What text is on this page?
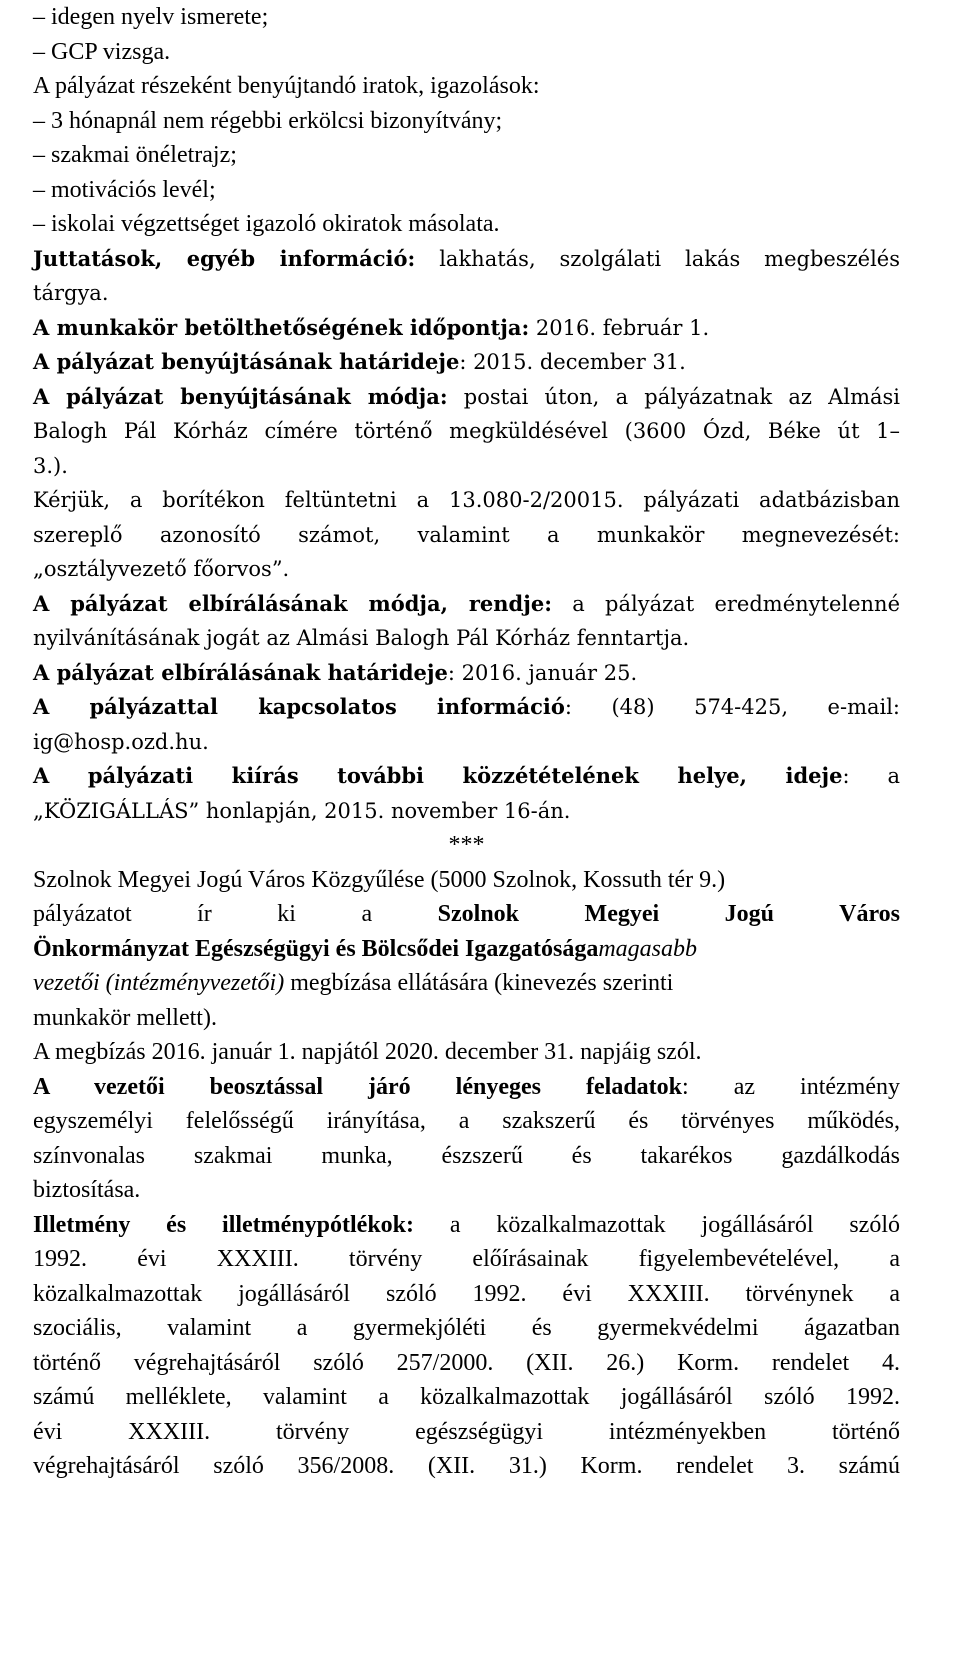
– idegen nyelv ismerete;
– GCP vizsga.
A pályázat részeként benyújtandó iratok, igazolások:
– 3 hónapnál nem régebbi erkölcsi bizonyítvány;
– szakmai önéletrajz;
– motivációs levél;
– iskolai végzettséget igazoló okiratok másolata.
Juttatások, egyéb információ: lakhatás, szolgálati lakás megbeszélés
tárgya.
A munkakör betölthetőségének időpontja: 2016. február 1.
A pályázat benyújtásának határideje: 2015. december 31.
A pályázat benyújtásának módja: postai úton, a pályázatnak az Almási
Balogh Pál Kórház címére történő megküldésével (3600 Ózd, Béke út 1–
3.).
Kérjük, a borítékon feltüntetni a 13.080-2/20015. pályázati adatbázisban
szereplő azonosító számot, valamint a munkakör megnevezését:
„osztályvezető főorvos”.
A pályázat elbírálásának módja, rendje: a pályázat eredménytelenné
nyilvánításának jogát az Almási Balogh Pál Kórház fenntartja.
A pályázat elbírálásának határideje: 2016. január 25.
A pályázattal kapcsolatos információ: (48) 574-425, e-mail:
ig@hosp.ozd.hu.
A pályázati kiírás további közzétételének helye, ideje: a
„KÖZIGÁLLÁS” honlapján, 2015. november 16-án.
***
Szolnok Megyei Jogú Város Közgyűlése (5000 Szolnok, Kossuth tér 9.)
pályázatot ír ki a	Szolnok Megyei Jogú Város
Önkormányzat Egészségügyi és Bölcsődei Igazgatóságamagasabb
vezetői (intézményvezetői) megbízása ellátására (kinevezés szerinti
munkakör mellett).
A megbízás 2016. január 1. napjától 2020. december 31. napjáig szól.
A vezetői beosztással járó lényeges feladatok: az intézmény
egyszemélyi felelősségű irányítása, a szakszerű és törvényes működés,
színvonalas szakmai munka, észszerű és takarékos gazdálkodás
biztosítása.
Illetmény és illetménypótlékok: a közalkalmazottak jogállásáról szóló
1992. évi XXXIII. törvény előírásainak figyelembevételével, a
közalkalmazottak jogállásáról szóló 1992. évi XXXIII. törvénynek a
szociális, valamint a gyermekjóléti és gyermekvédelmi ágazatban
történő végrehajtásáról szóló 257/2000. (XII. 26.) Korm. rendelet 4.
számú melléklete, valamint a közalkalmazottak jogállásáról szóló 1992.
évi XXXIII. törvény egészségügyi intézményekben történő
végrehajtásáról szóló 356/2008. (XII. 31.) Korm. rendelet 3. számú
